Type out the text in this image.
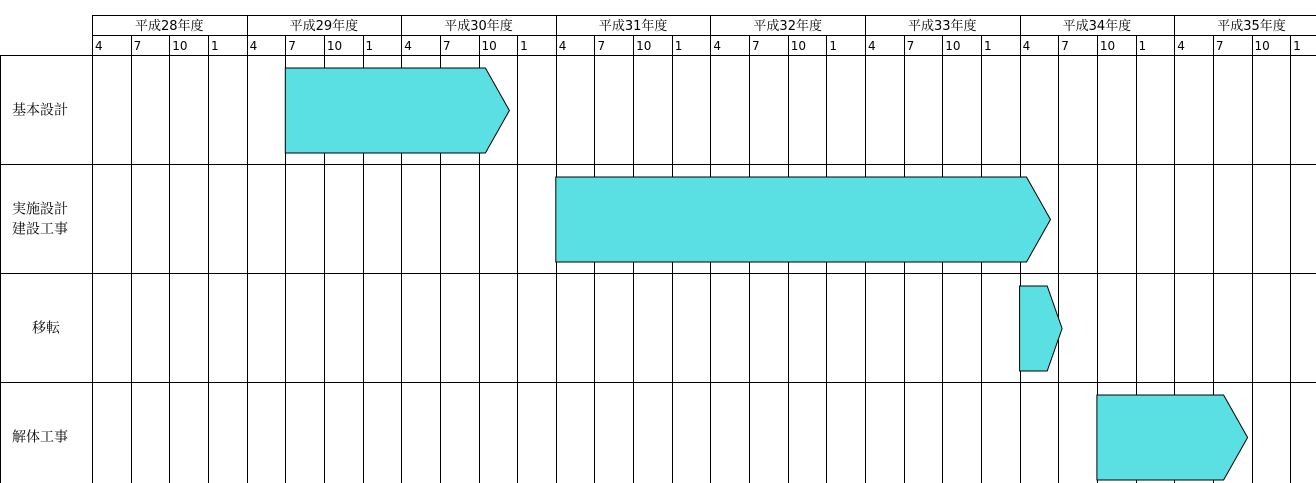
平成28年度	平成29年度	平成30年度	平成31年度	平成32年度	平成33年度	平成34年度	平成35年度
4	7	10 1	4	7	10 1	4	7	10 1	4	7	10 1	4	7	10 1	4	7	10 1	4	7	10 1	4	7	10 1
基本設計
実施設計
建設工事
移転
解体工事
